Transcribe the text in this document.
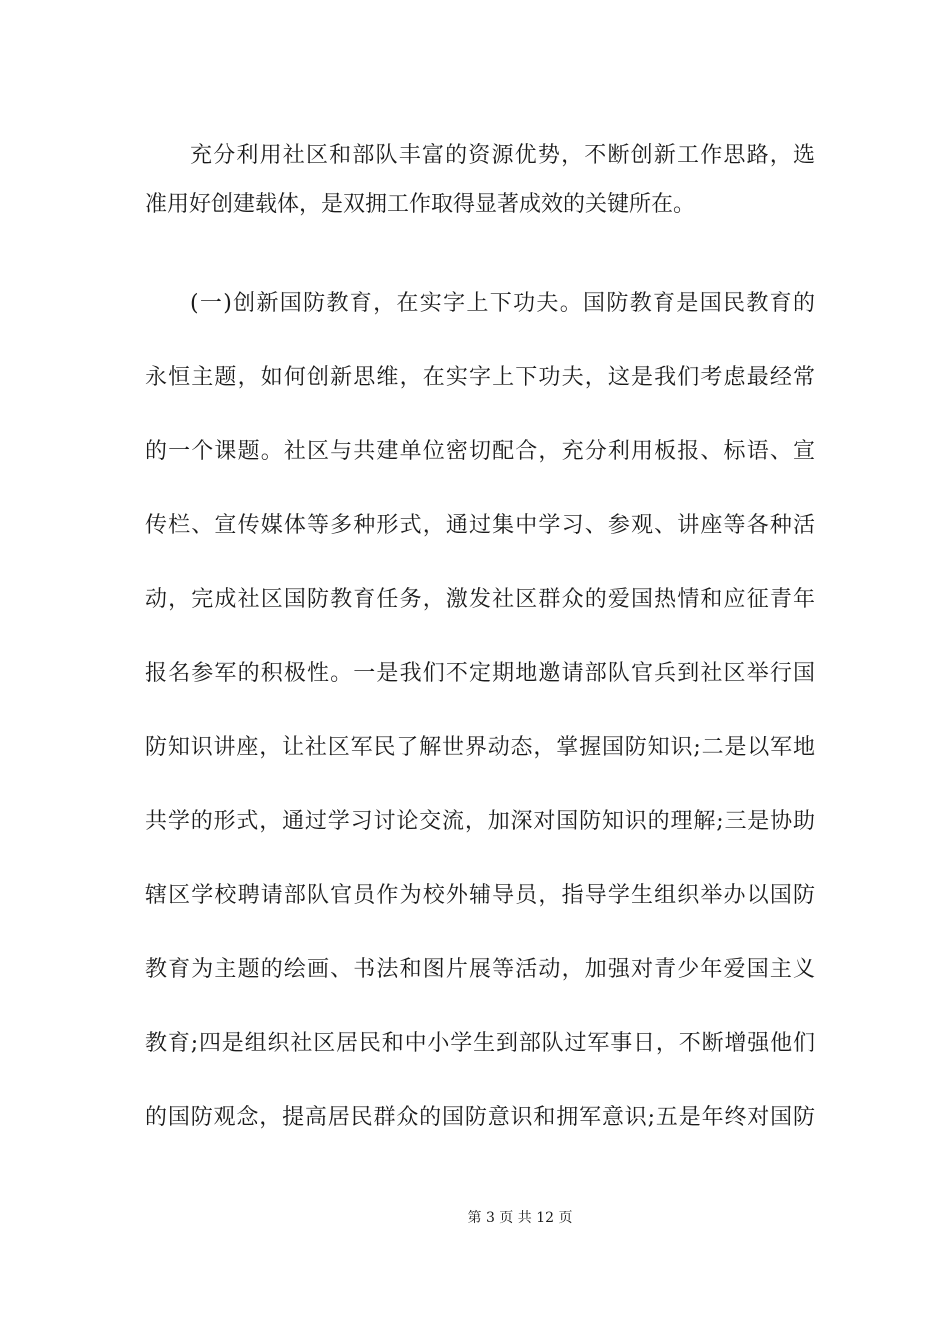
充分利用社区和部队丰富的资源优势，不断创新工作思路，选
准用好创建载体，是双拥工作取得显著成效的关键所在。
(一)创新国防教育，在实字上下功夫。国防教育是国民教育的
永恒主题，如何创新思维，在实字上下功夫，这是我们考虑最经常
的一个课题。社区与共建单位密切配合，充分利用板报、标语、宣
传栏、宣传媒体等多种形式，通过集中学习、参观、讲座等各种活
动，完成社区国防教育任务，激发社区群众的爱国热情和应征青年
报名参军的积极性。一是我们不定期地邀请部队官兵到社区举行国
防知识讲座，让社区军民了解世界动态，掌握国防知识;二是以军地
共学的形式，通过学习讨论交流，加深对国防知识的理解;三是协助
辖区学校聘请部队官员作为校外辅导员，指导学生组织举办以国防
教育为主题的绘画、书法和图片展等活动，加强对青少年爱国主义
教育;四是组织社区居民和中小学生到部队过军事日，不断增强他们
的国防观念，提高居民群众的国防意识和拥军意识;五是年终对国防
第 3 页 共 12 页
